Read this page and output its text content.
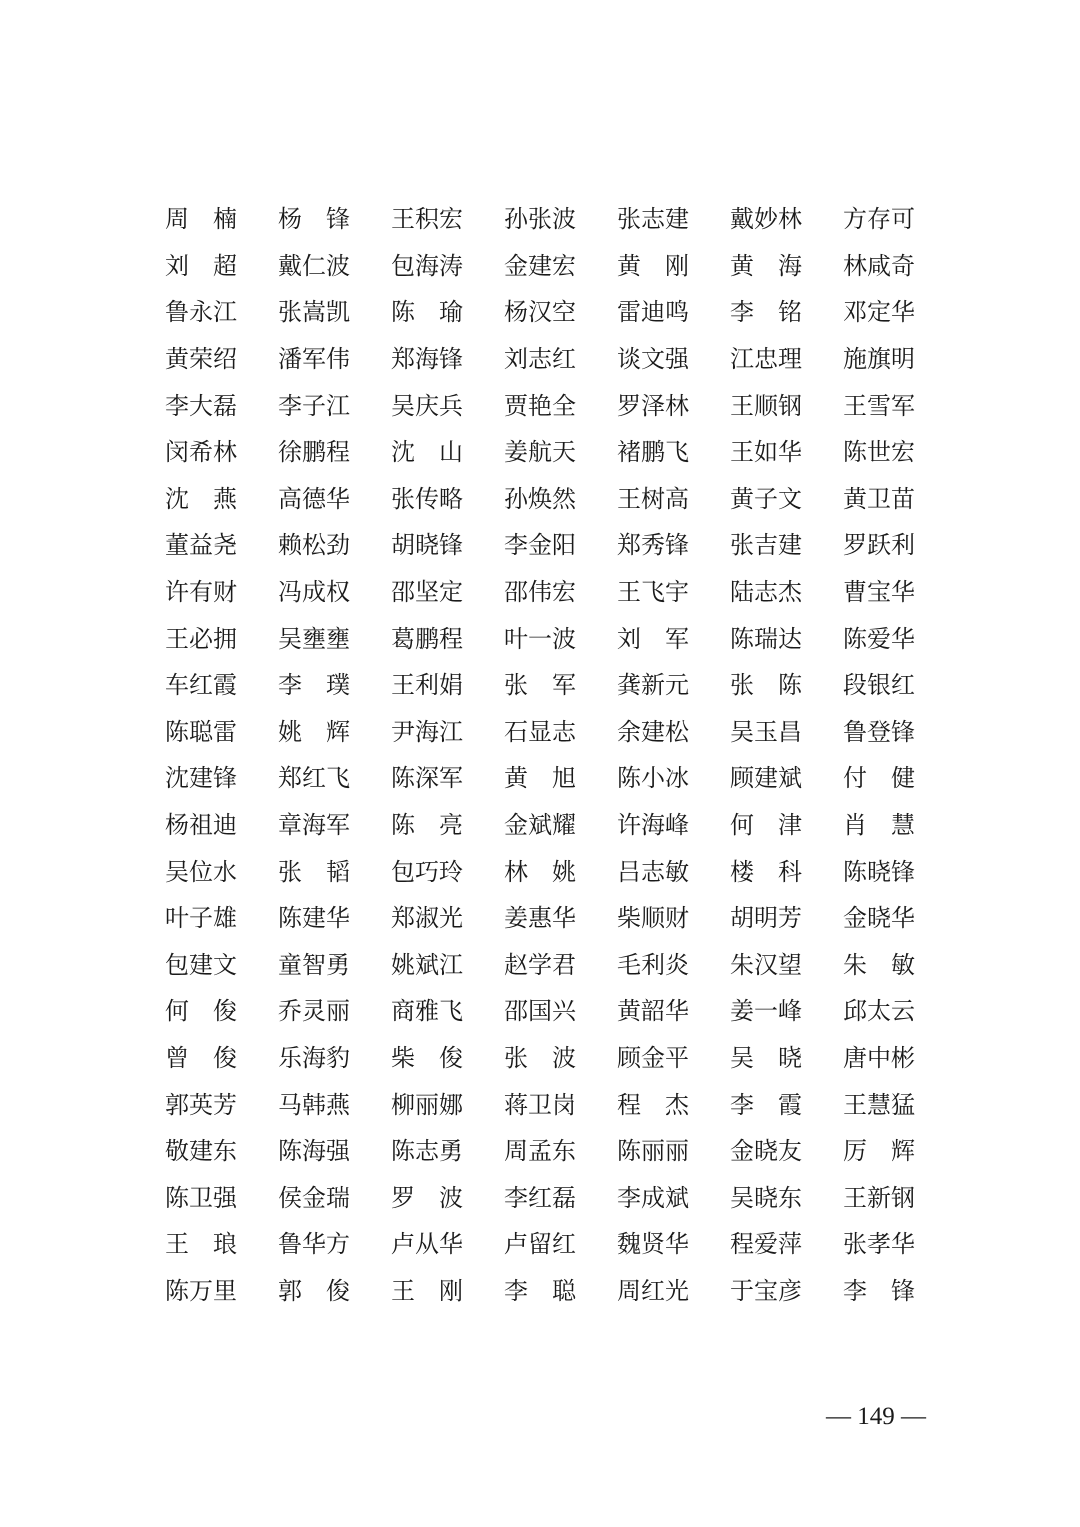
周　楠	杨　锋	王积宏	孙张波	张志建	戴妙林	方存可
刘　超	戴仁波	包海涛	金建宏	黄　刚	黄　海	林咸奇
鲁永江	张嵩凯	陈　瑜	杨汉空	雷迪鸣	李　铭	邓定华
黄荣绍	潘军伟	郑海锋	刘志红	谈文强	江忠理	施旗明
李大磊	李子江	吴庆兵	贾艳全	罗泽林	王顺钢	王雪军
闵希林	徐鹏程	沈　山	姜航天	褚鹏飞	王如华	陈世宏
沈　燕	高德华	张传略	孙焕然	王树高	黄子文	黄卫苗
董益尧	赖松劲	胡晓锋	李金阳	郑秀锋	张吉建	罗跃利
许有财	冯成权	邵坚定	邵伟宏	王飞宇	陆志杰	曹宝华
王必拥	吴壅壅	葛鹏程	叶一波	刘　军	陈瑞达	陈爱华
车红霞	李　璞	王利娟	张　军	龚新元	张　陈	段银红
陈聪雷	姚　辉	尹海江	石显志	余建松	吴玉昌	鲁登锋
沈建锋	郑红飞	陈深军	黄　旭	陈小冰	顾建斌	付　健
杨祖迪	章海军	陈　亮	金斌耀	许海峰	何　津	肖　慧
吴位水	张　韬	包巧玲	林　姚	吕志敏	楼　科	陈晓锋
叶子雄	陈建华	郑淑光	姜惠华	柴顺财	胡明芳	金晓华
包建文	童智勇	姚斌江	赵学君	毛利炎	朱汉望	朱　敏
何　俊	乔灵丽	商雅飞	邵国兴	黄韶华	姜一峰	邱太云
曾　俊	乐海豹	柴　俊	张　波	顾金平	吴　晓	唐中彬
郭英芳	马韩燕	柳丽娜	蒋卫岗	程　杰	李　霞	王慧猛
敬建东	陈海强	陈志勇	周孟东	陈丽丽	金晓友	厉　辉
陈卫强	侯金瑞	罗　波	李红磊	李成斌	吴晓东	王新钢
王　琅	鲁华方	卢从华	卢留红	魏贤华	程爱萍	张孝华
陈万里	郭　俊	王　刚	李　聪	周红光	于宝彦	李　锋
— 149 —
